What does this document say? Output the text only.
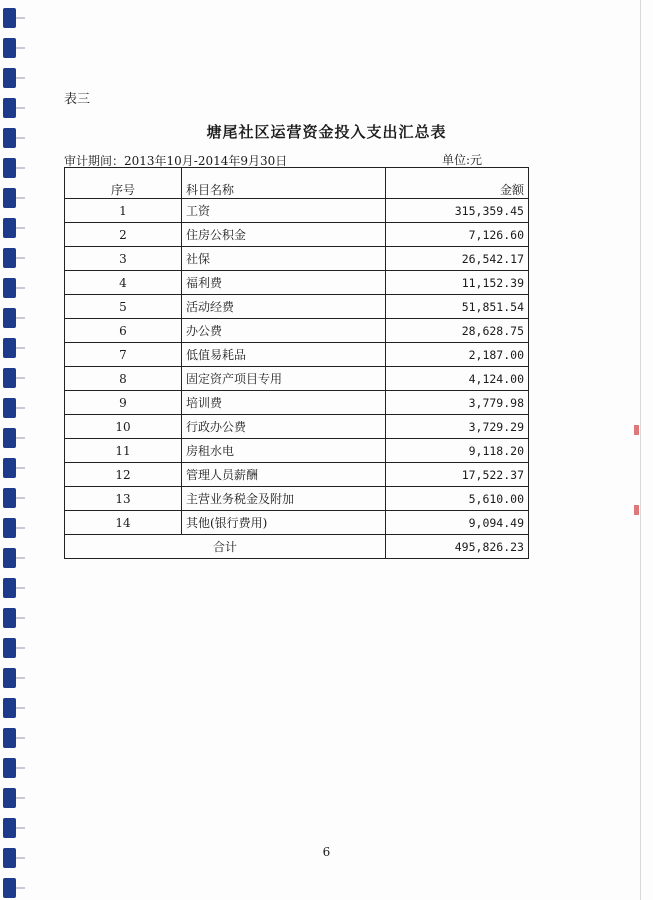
表三
塘尾社区运营资金投入支出汇总表
审计期间：2013年10月-2014年9月30日	单位:元
序号	科目名称	金额
1	工资	315,359.45
2	住房公积金	7,126.60
3	社保	26,542.17
4	福利费	11,152.39
5	活动经费	51,851.54
6	办公费	28,628.75
7	低值易耗品	2,187.00
8	固定资产项目专用	4,124.00
9	培训费	3,779.98
10	行政办公费	3,729.29
11	房租水电	9,118.20
12	管理人员薪酬	17,522.37
13	主营业务税金及附加	5,610.00
14	其他(银行费用)	9,094.49
合计		495,826.23
6
